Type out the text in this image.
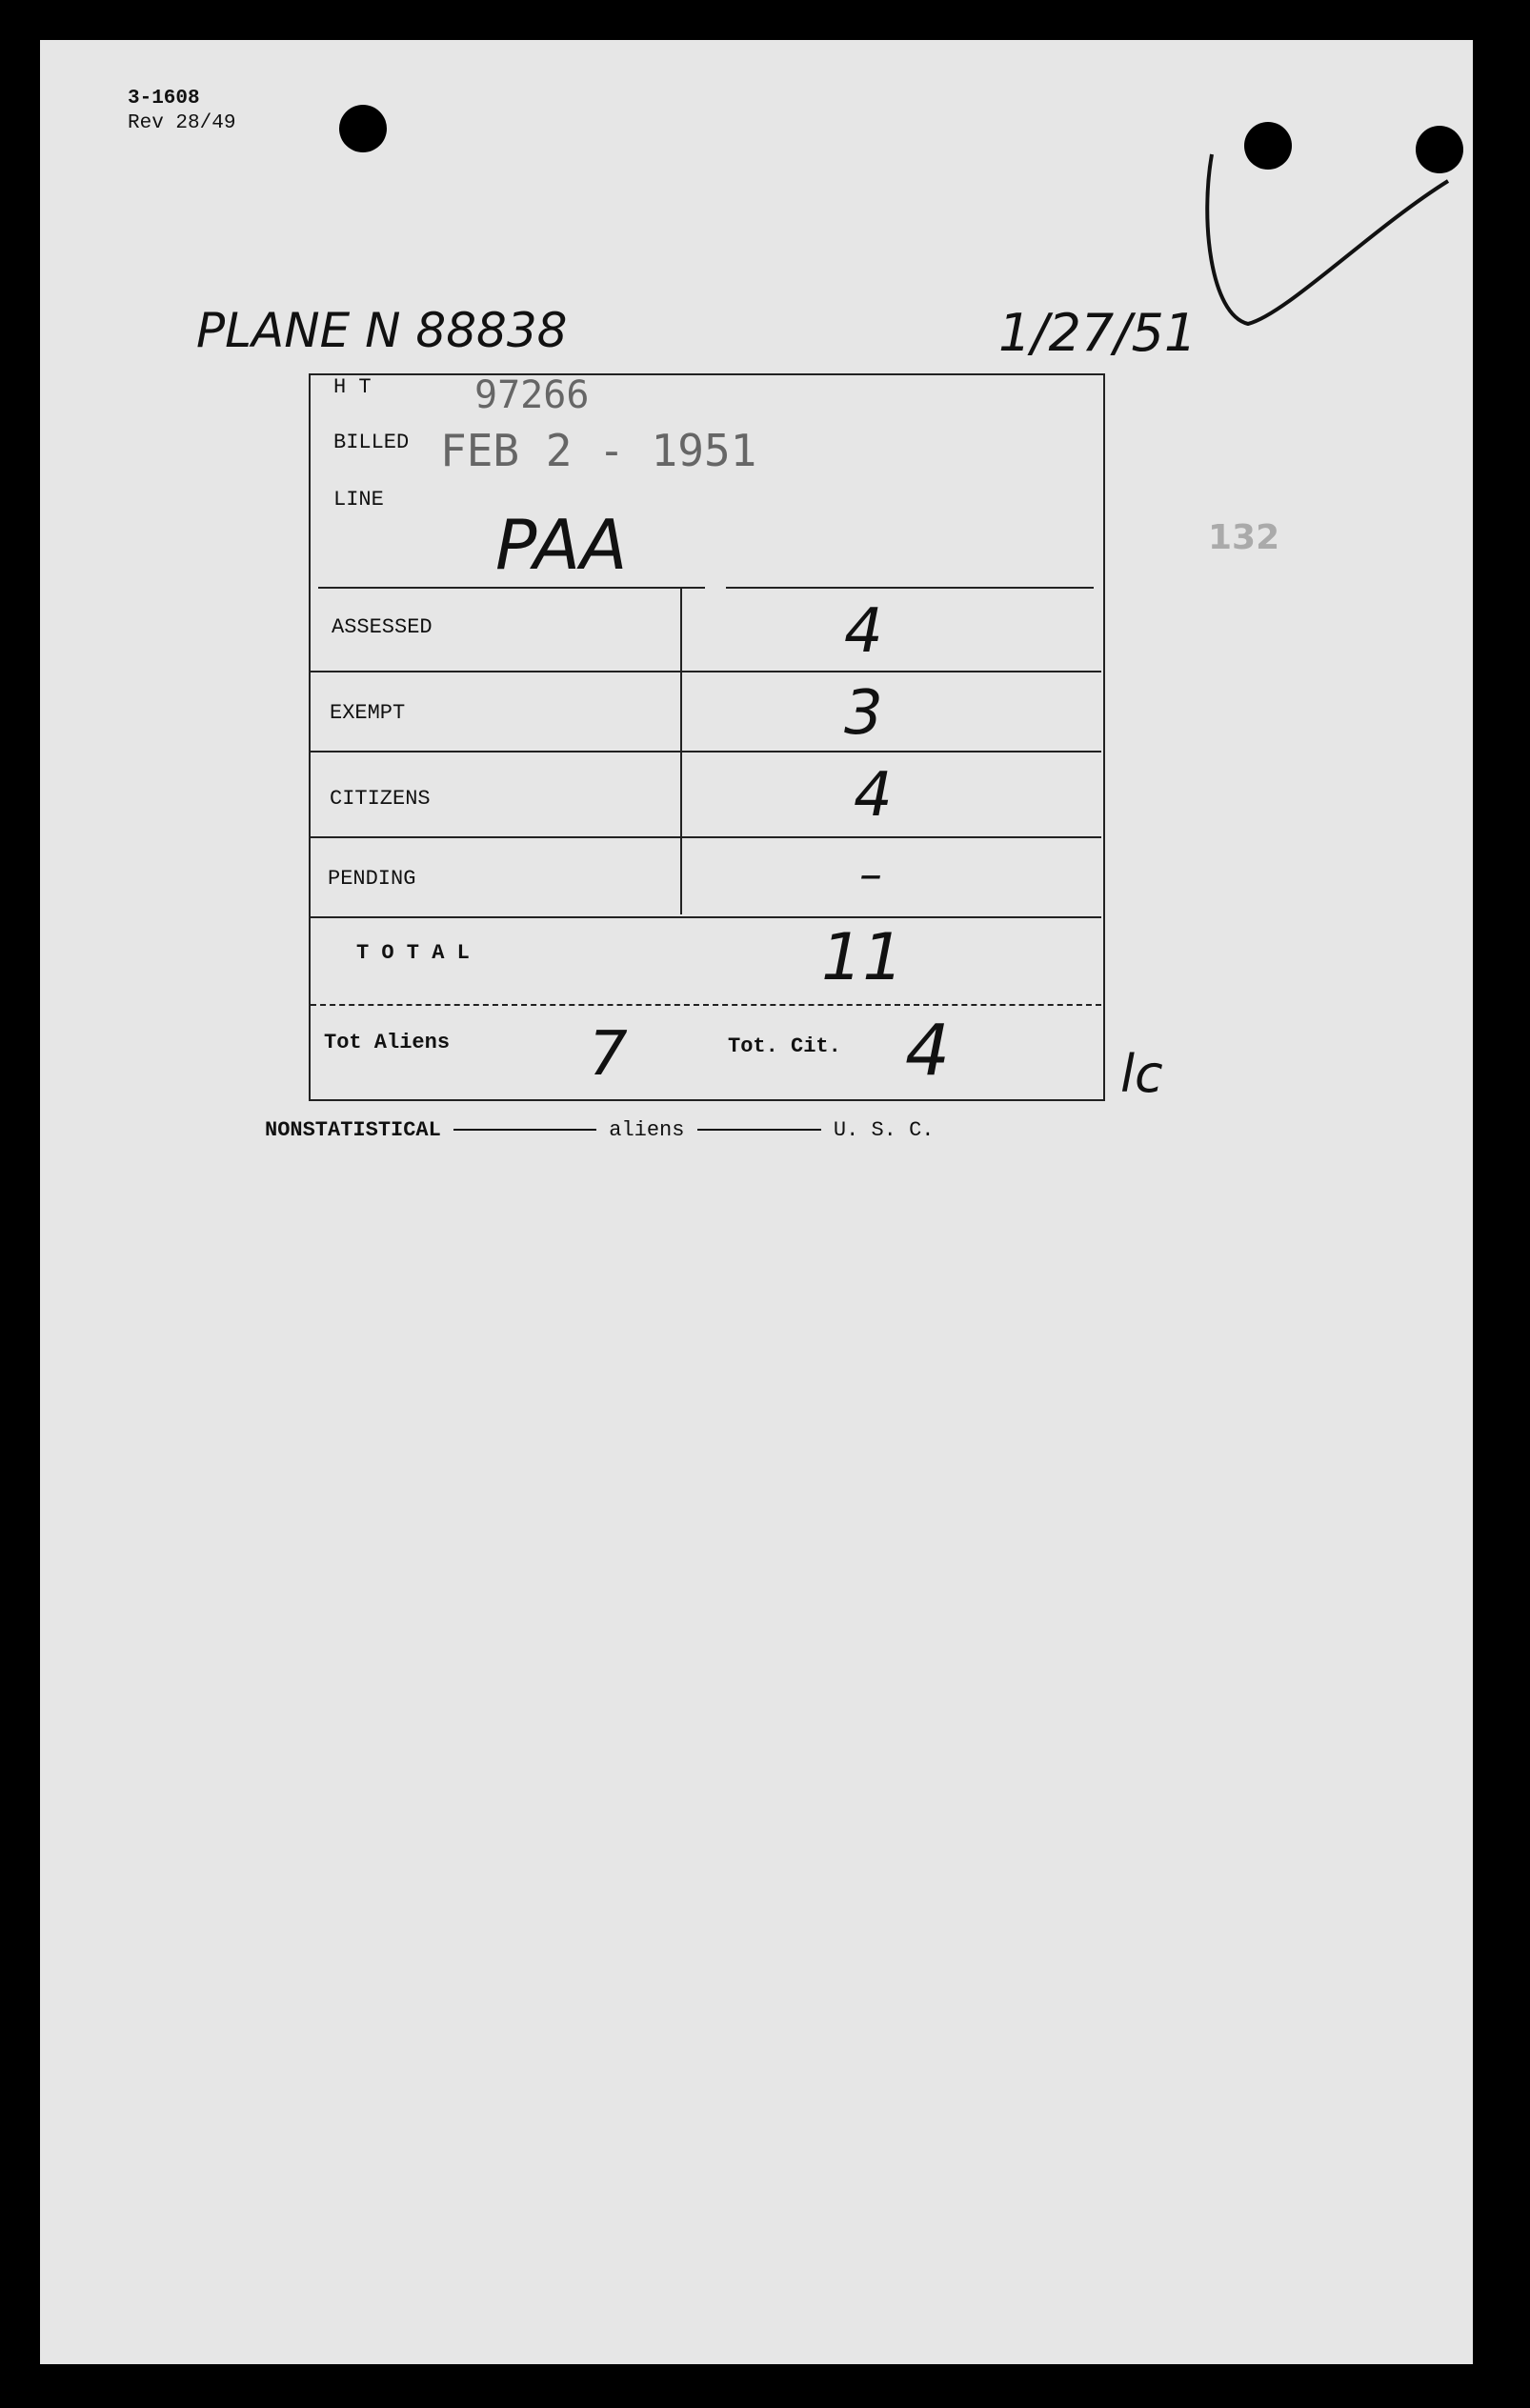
3-1608
Rev 28/49
PLANE N 88838	1/27/51
132
H T	97266
BILLED FEB 2 - 1951
LINE
PAA
ASSESSED	4
EXEMPT	3
CITIZENS	4
PENDING	–
T O T A L	11
Tot Aliens 7	Tot. Cit. 4	lc
NONSTATISTICAL	aliens	U. S. C.
